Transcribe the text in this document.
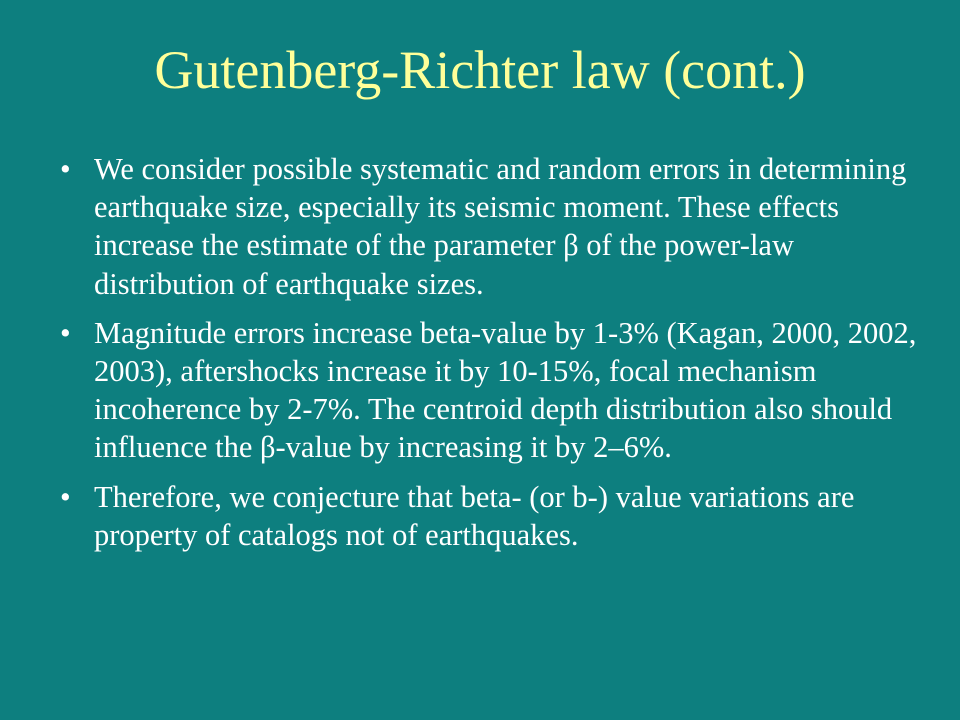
Gutenberg-Richter law (cont.)
• We consider possible systematic and random errors in determining earthquake size, especially its seismic moment. These effects increase the estimate of the parameter β of the power-law distribution of earthquake sizes.
• Magnitude errors increase beta-value by 1-3% (Kagan, 2000, 2002, 2003), aftershocks increase it by 10-15%, focal mechanism incoherence by 2-7%. The centroid depth distribution also should influence the β-value by increasing it by 2–6%.
• Therefore, we conjecture that beta- (or b-) value variations are property of catalogs not of earthquakes.
